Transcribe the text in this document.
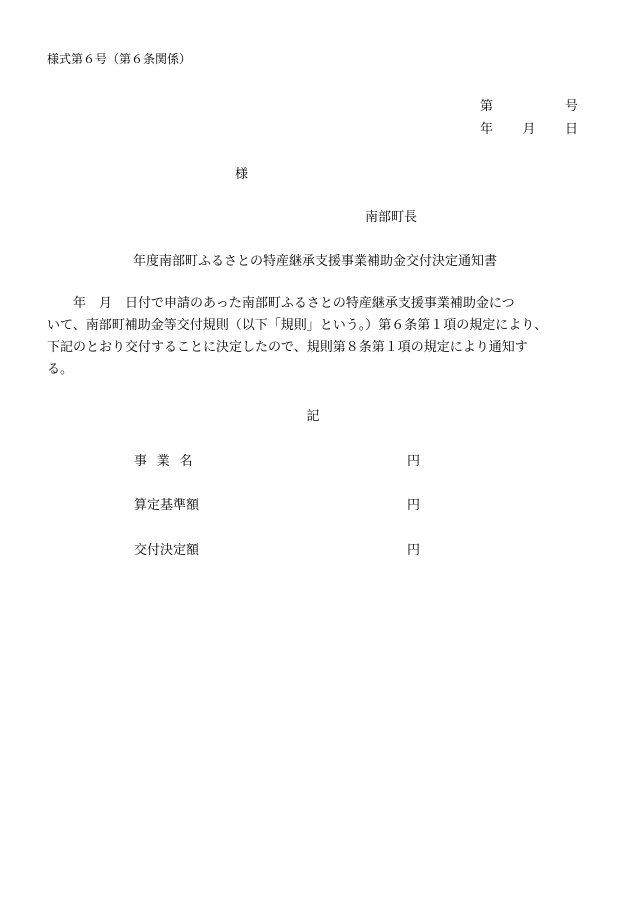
様式第６号（第６条関係）
第	号
年 月 日
様
南部町長
年度南部町ふるさとの特産継承支援事業補助金交付決定通知書
　　年　月　日付で申請のあった南部町ふるさとの特産継承支援事業補助金につ
いて、南部町補助金等交付規則（以下「規則」という。）第６条第１項の規定により、
下記のとおり交付することに決定したので、規則第８条第１項の規定により通知す
る。
記
事業名	円
算定基準額	円
交付決定額	円
